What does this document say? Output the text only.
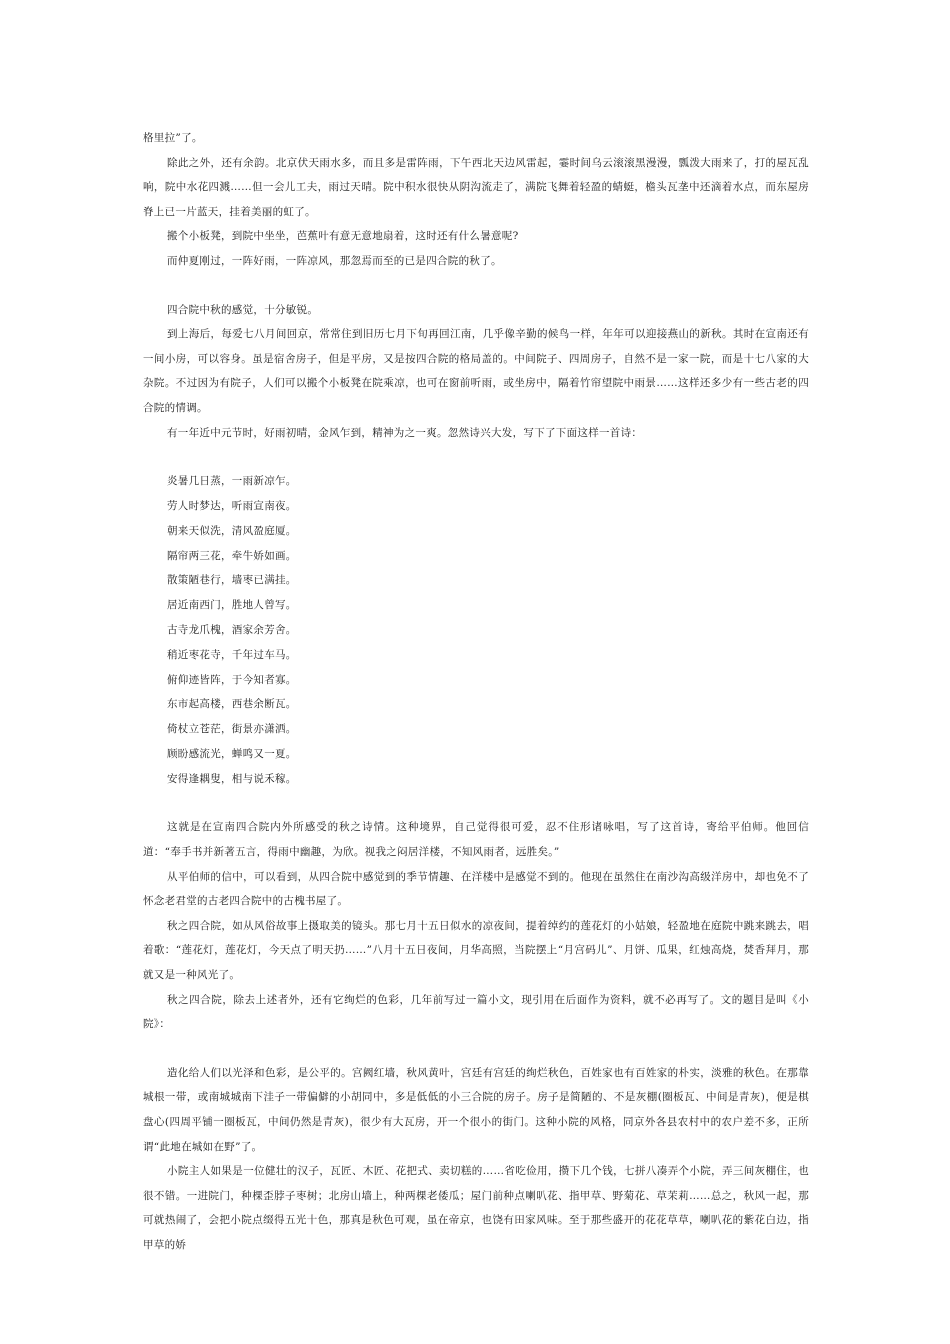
格里拉”了。

除此之外，还有余韵。北京伏天雨水多，而且多是雷阵雨，下午西北天边风雷起，霎时间乌云滚滚黑漫漫，瓢泼大雨来了，打的屋瓦乱响，院中水花四溅……但一会儿工夫，雨过天晴。院中积水很快从阴沟流走了，满院飞舞着轻盈的蜻蜓，檐头瓦垄中还滴着水点，而东屋房脊上已一片蓝天，挂着美丽的虹了。

搬个小板凳，到院中坐坐，芭蕉叶有意无意地扇着，这时还有什么暑意呢?

而仲夏刚过，一阵好雨，一阵凉风，那忽焉而至的已是四合院的秋了。

四合院中秋的感觉，十分敏锐。

到上海后，每爱七八月间回京，常常住到旧历七月下旬再回江南，几乎像辛勤的候鸟一样，年年可以迎接燕山的新秋。其时在宣南还有一间小房，可以容身。虽是宿舍房子，但是平房，又是按四合院的格局盖的。中间院子、四周房子，自然不是一家一院，而是十七八家的大杂院。不过因为有院子，人们可以搬个小板凳在院乘凉，也可在窗前听雨，或坐房中，隔着竹帘望院中雨景……这样还多少有一些古老的四合院的情调。

有一年近中元节时，好雨初晴，金风乍到，精神为之一爽。忽然诗兴大发，写下了下面这样一首诗：

炎暑几日蒸，一雨新凉乍。

劳人时梦达，听雨宣南夜。

朝来天似洗，清风盈庭厦。

隔帘两三花，牵牛娇如画。

散策陋巷行，墙枣已满挂。

居近南西门，胜地人曾写。

古寺龙爪槐，酒家余芳舍。

稍近枣花寺，千年过车马。

俯仰迹皆阵，于今知者寡。

东市起高楼，西巷余断瓦。

倚杖立苍茫，街景亦潇洒。

顾盼感流光，蝉鸣又一夏。

安得逢耦叟，相与说禾稼。

这就是在宣南四合院内外所感受的秋之诗情。这种境界，自己觉得很可爱，忍不住形诸咏唱，写了这首诗，寄给平伯师。他回信道：“奉手书并新著五言，得雨中幽趣，为欣。视我之闷居洋楼，不知风雨者，远胜矣。”

从平伯师的信中，可以看到，从四合院中感觉到的季节情趣、在洋楼中是感觉不到的。他现在虽然住在南沙沟高级洋房中，却也免不了怀念老君堂的古老四合院中的古槐书屋了。

秋之四合院，如从风俗故事上摄取美的镜头。那七月十五日似水的凉夜间，提着绰约的莲花灯的小姑娘，轻盈地在庭院中跳来跳去，唱着歌：“莲花灯，莲花灯，今天点了明天扔……”八月十五日夜间，月华高照，当院摆上“月宫码儿”、月饼、瓜果，红烛高烧，焚香拜月，那就又是一种风光了。

秋之四合院，除去上述者外，还有它绚烂的色彩，几年前写过一篇小文，现引用在后面作为资料，就不必再写了。文的题目是叫《小院》：

造化给人们以光泽和色彩，是公平的。宫阙红墙，秋风黄叶，宫廷有宫廷的绚烂秋色，百姓家也有百姓家的朴实，淡雅的秋色。在那靠城根一带，或南城城南下洼子一带偏僻的小胡同中，多是低低的小三合院的房子。房子是简陋的、不是灰棚(圈板瓦、中间是青灰)，便是棋盘心(四周平铺一圈板瓦，中间仍然是青灰)，很少有大瓦房，开一个很小的街门。这种小院的风格，同京外各县农村中的农户差不多，正所谓“此地在城如在野”了。

小院主人如果是一位健壮的汉子，瓦匠、木匠、花把式、卖切糕的……省吃俭用，攒下几个钱，七拼八凑弄个小院，弄三间灰棚住，也很不错。一进院门，种棵歪脖子枣树；北房山墙上，种两棵老倭瓜；屋门前种点喇叭花、指甲草、野菊花、草茉莉……总之，秋风一起，那可就热闹了，会把小院点缀得五光十色，那真是秋色可观，虽在帝京，也饶有田家风味。至于那些盛开的花花草草，喇叭花的紫花白边，指甲草的娇
